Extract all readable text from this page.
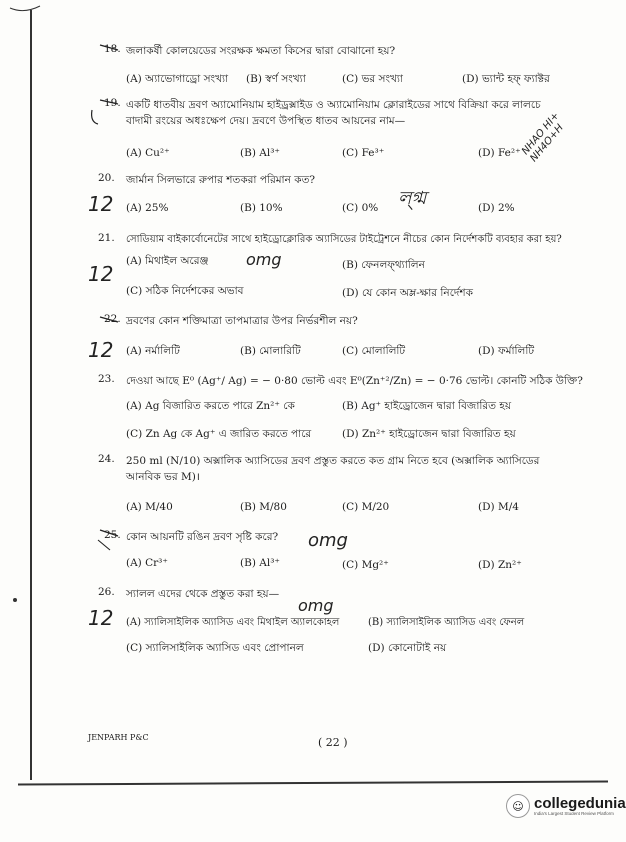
18. জলাকর্ষী কোলয়েডের সংরক্ষক ক্ষমতা কিসের দ্বারা বোঝানো হয়?
(A) অ্যাভোগাড্রো সংখ্যা (B) স্বর্ণ সংখ্যা	(C) ভর সংখ্যা	(D) ভ্যান্ট হফ্ ফ্যাক্টর
19. একটি ধাতবীয় দ্রবণ অ্যামোনিয়াম হাইড্রক্সাইড ও অ্যামোনিয়াম ক্লোরাইডের সাথে বিক্রিয়া করে লালচে বাদামী রংয়ের অধঃক্ষেপ দেয়। দ্রবণে উপস্থিত ধাতব আয়নের নাম—
(A) Cu²⁺	(B) Al³⁺	(C) Fe³⁺	(D) Fe²⁺
20. জার্মান সিলভারে রুপার শতকরা পরিমান কত?
(A) 25%	(B) 10%	(C) 0%	(D) 2%
21. সোডিয়াম বাইকার্বোনেটের সাথে হাইড্রোক্লোরিক অ্যাসিডের টাইট্রেশনে নীচের কোন নির্দেশকটি ব্যবহার করা হয়?
(A) মিথাইল অরেঞ্জ	(B) ফেনলফ্থ্যালিন
(C) সঠিক নির্দেশকের অভাব	(D) যে কোন অম্ল-ক্ষার নির্দেশক
22. দ্রবণের কোন শক্তিমাত্রা তাপমাত্রার উপর নির্ভরশীল নয়?
(A) নর্মালিটি	(B) মোলারিটি	(C) মোলালিটি	(D) ফর্মালিটি
23. দেওয়া আছে E⁰ (Ag⁺/ Ag) = − 0·80 ভোল্ট এবং E⁰(Zn⁺²/Zn) = − 0·76 ভোল্ট। কোনটি সঠিক উক্তি?
(A) Ag বিজারিত করতে পারে Zn²⁺ কে	(B) Ag⁺ হাইড্রোজেন দ্বারা বিজারিত হয়
(C) Zn Ag কে Ag⁺ এ জারিত করতে পারে	(D) Zn²⁺ হাইড্রোজেন দ্বারা বিজারিত হয়
24. 250 ml (N/10) অক্সালিক অ্যাসিডের দ্রবণ প্রস্তুত করতে কত গ্রাম নিতে হবে (অক্সালিক অ্যাসিডের আনবিক ভর M)।
(A) M/40	(B) M/80	(C) M/20	(D) M/4
25. কোন আয়নটি রঙিন দ্রবণ সৃষ্টি করে?
(A) Cr³⁺	(B) Al³⁺	(C) Mg²⁺	(D) Zn²⁺
26. স্যালল এদের থেকে প্রস্তুত করা হয়—
(A) স্যালিসাইলিক অ্যাসিড এবং মিথাইল অ্যালকোহল	(B) স্যালিসাইলিক অ্যাসিড এবং ফেনল
(C) স্যালিসাইলিক অ্যাসিড এবং প্রোপানল	(D) কোনোটাই নয়
12
12
12
12
omg
omg
omg
ল্গ্ম
NHAO HI+ NH4O+H
JENPARH P&C	( 22 )
☺ collegedunia
India's Largest Student Review Platform
